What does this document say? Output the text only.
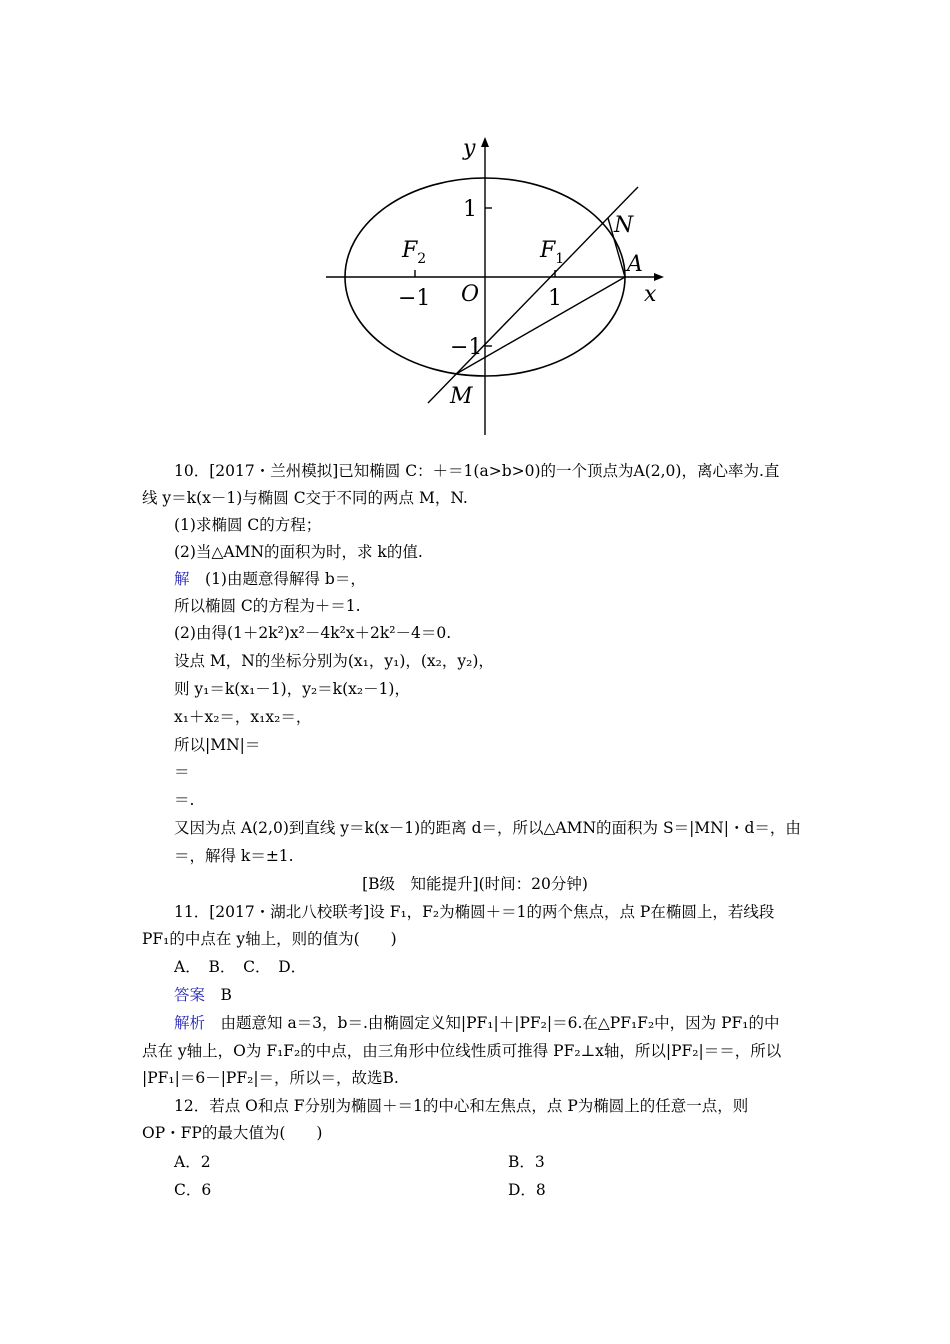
y
x
1
−1
−1	1
O
$F_2$	$F_1$
N
A
M
10．[2017・兰州模拟]已知椭圆 C：＋＝1(a>b>0)的一个顶点为A(2,0)，离心率为.直
线 y＝k(x－1)与椭圆 C交于不同的两点 M，N.
(1)求椭圆 C的方程；
(2)当△AMN的面积为时，求 k的值.
解　(1)由题意得解得 b＝，
所以椭圆 C的方程为＋＝1.
(2)由得(1＋2k²)x²－4k²x＋2k²－4＝0.
设点 M，N的坐标分别为(x₁，y₁)，(x₂，y₂)，
则 y₁＝k(x₁－1)，y₂＝k(x₂－1)，
x₁＋x₂＝，x₁x₂＝，
所以|MN|＝
＝
＝.
又因为点 A(2,0)到直线 y＝k(x－1)的距离 d＝，所以△AMN的面积为 S＝|MN|・d＝，由
＝，解得 k＝±1.
[B级　知能提升](时间：20分钟)
11．[2017・湖北八校联考]设 F₁，F₂为椭圆＋＝1的两个焦点，点 P在椭圆上，若线段
PF₁的中点在 y轴上，则的值为(　　)
A．　B．　C．　D．
答案　B
解析　由题意知 a＝3，b＝.由椭圆定义知|PF₁|＋|PF₂|＝6.在△PF₁F₂中，因为 PF₁的中
点在 y轴上，O为 F₁F₂的中点，由三角形中位线性质可推得 PF₂⊥x轴，所以|PF₂|＝＝，所以
|PF₁|＝6－|PF₂|＝，所以＝，故选B.
12．若点 O和点 F分别为椭圆＋＝1的中心和左焦点，点 P为椭圆上的任意一点，则
OP・FP的最大值为(　　)
A．2	B．3
C．6	D．8
